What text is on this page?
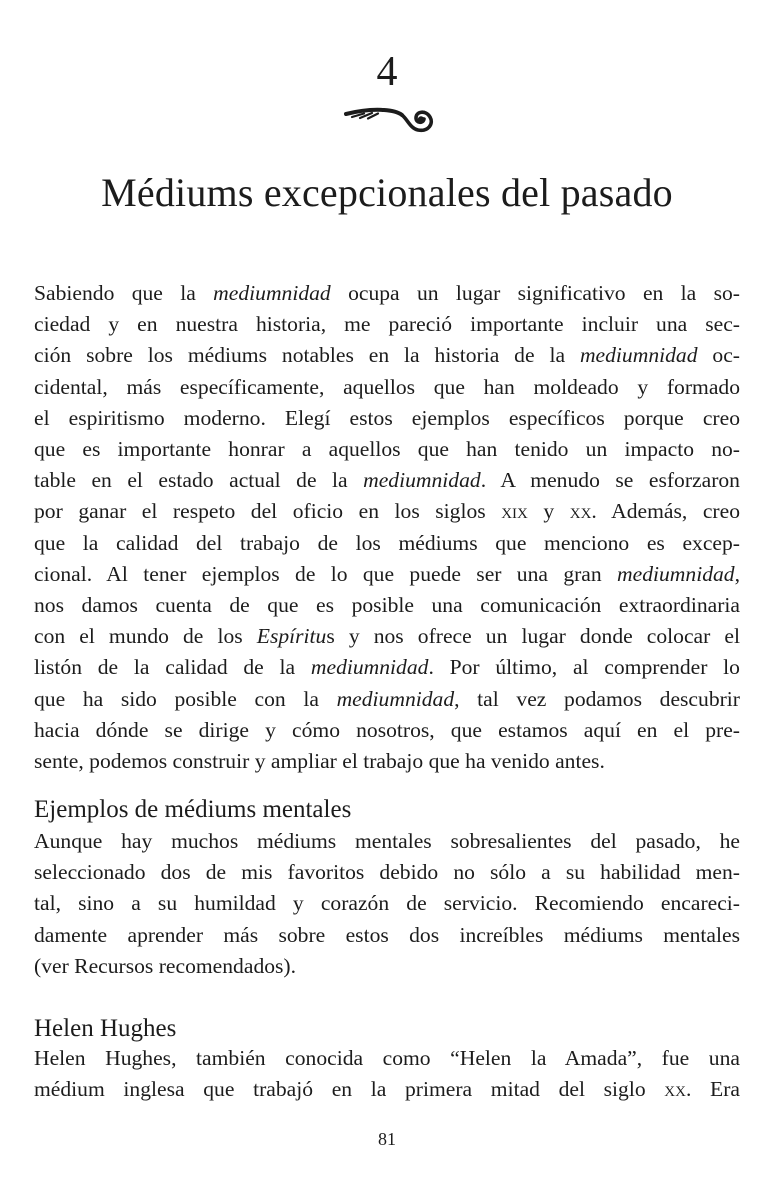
4
Médiums excepcionales del pasado
Sabiendo que la mediumnidad ocupa un lugar significativo en la so-
ciedad y en nuestra historia, me pareció importante incluir una sec-
ción sobre los médiums notables en la historia de la mediumnidad oc-
cidental, más específicamente, aquellos que han moldeado y formado
el espiritismo moderno. Elegí estos ejemplos específicos porque creo
que es importante honrar a aquellos que han tenido un impacto no-
table en el estado actual de la mediumnidad. A menudo se esforzaron
por ganar el respeto del oficio en los siglos xix y xx. Además, creo
que la calidad del trabajo de los médiums que menciono es excep-
cional. Al tener ejemplos de lo que puede ser una gran mediumnidad,
nos damos cuenta de que es posible una comunicación extraordinaria
con el mundo de los Espíritus y nos ofrece un lugar donde colocar el
listón de la calidad de la mediumnidad. Por último, al comprender lo
que ha sido posible con la mediumnidad, tal vez podamos descubrir
hacia dónde se dirige y cómo nosotros, que estamos aquí en el pre-
sente, podemos construir y ampliar el trabajo que ha venido antes.
Ejemplos de médiums mentales
Aunque hay muchos médiums mentales sobresalientes del pasado, he
seleccionado dos de mis favoritos debido no sólo a su habilidad men-
tal, sino a su humildad y corazón de servicio. Recomiendo encareci-
damente aprender más sobre estos dos increíbles médiums mentales
(ver Recursos recomendados).
Helen Hughes
Helen Hughes, también conocida como “Helen la Amada”, fue una
médium inglesa que trabajó en la primera mitad del siglo xx. Era
81
